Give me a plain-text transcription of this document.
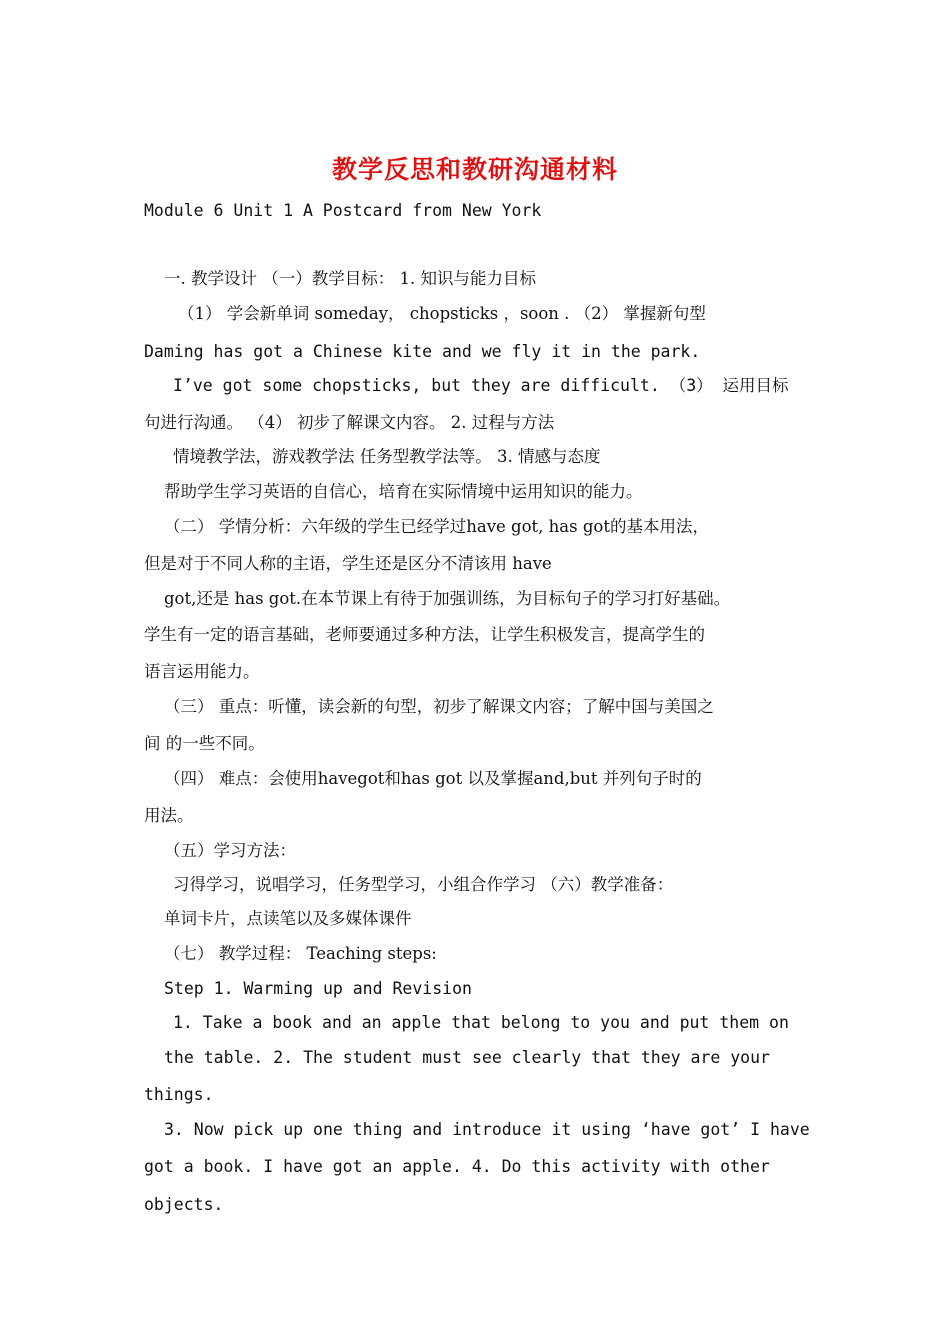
教学反思和教研沟通材料
Module 6 Unit 1 A Postcard from New York
一. 教学设计 （一）教学目标： 1. 知识与能力目标
（1） 学会新单词 someday， chopsticks ，soon . （2） 掌握新句型
Daming has got a Chinese kite and we fly it in the park.
I’ve got some chopsticks, but they are difficult. （3） 运用目标
句进行沟通。 （4） 初步了解课文内容。 2. 过程与方法
情境教学法，游戏教学法 任务型教学法等。 3. 情感与态度
帮助学生学习英语的自信心，培育在实际情境中运用知识的能力。
（二） 学情分析：六年级的学生已经学过have got, has got的基本用法，
但是对于不同人称的主语，学生还是区分不清该用 have
got,还是 has got.在本节课上有待于加强训练，为目标句子的学习打好基础。
学生有一定的语言基础，老师要通过多种方法，让学生积极发言，提高学生的
语言运用能力。
（三） 重点：听懂，读会新的句型，初步了解课文内容；了解中国与美国之
间 的一些不同。
（四） 难点：会使用havegot和has got 以及掌握and,but 并列句子时的
用法。
（五）学习方法：
习得学习，说唱学习，任务型学习，小组合作学习 （六）教学准备：
单词卡片，点读笔以及多媒体课件
（七） 教学过程： Teaching steps:
Step 1. Warming up and Revision
1. Take a book and an apple that belong to you and put them on
the table. 2. The student must see clearly that they are your
things.
3. Now pick up one thing and introduce it using ‘have got’ I have
got a book. I have got an apple. 4. Do this activity with other
objects.
